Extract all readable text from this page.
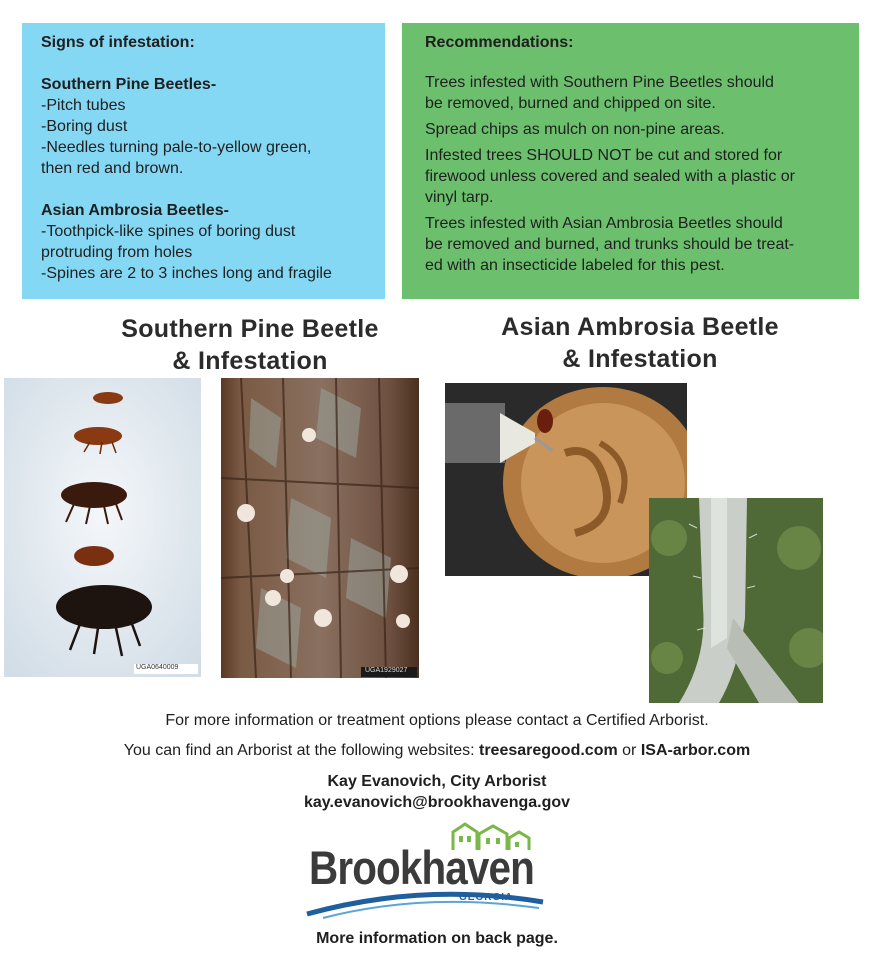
Signs of infestation:
Southern Pine Beetles-
-Pitch tubes
-Boring dust
-Needles turning pale-to-yellow green,
then red and brown.
Asian Ambrosia Beetles-
-Toothpick-like spines of boring dust
protruding from holes
-Spines are 2 to 3 inches long and fragile
Recommendations:

Trees infested with Southern Pine Beetles should
be removed, burned and chipped on site.

Spread chips as mulch on non-pine areas.

Infested trees SHOULD NOT be cut and stored for
firewood unless covered and sealed with a plastic or
vinyl tarp.

Trees infested with Asian Ambrosia Beetles should
be removed and burned, and trunks should be treat-
ed with an insecticide labeled for this pest.

Southern Pine Beetle
& Infestation
Asian Ambrosia Beetle
& Infestation
UGA0640009	UGA1929027
For more information or treatment options please contact a Certified Arborist.
You can find an Arborist at the following websites: treesaregood.com or ISA-arbor.com
Kay Evanovich, City Arborist
kay.evanovich@brookhavenga.gov
Brookhaven
GEORGIA
More information on back page.
